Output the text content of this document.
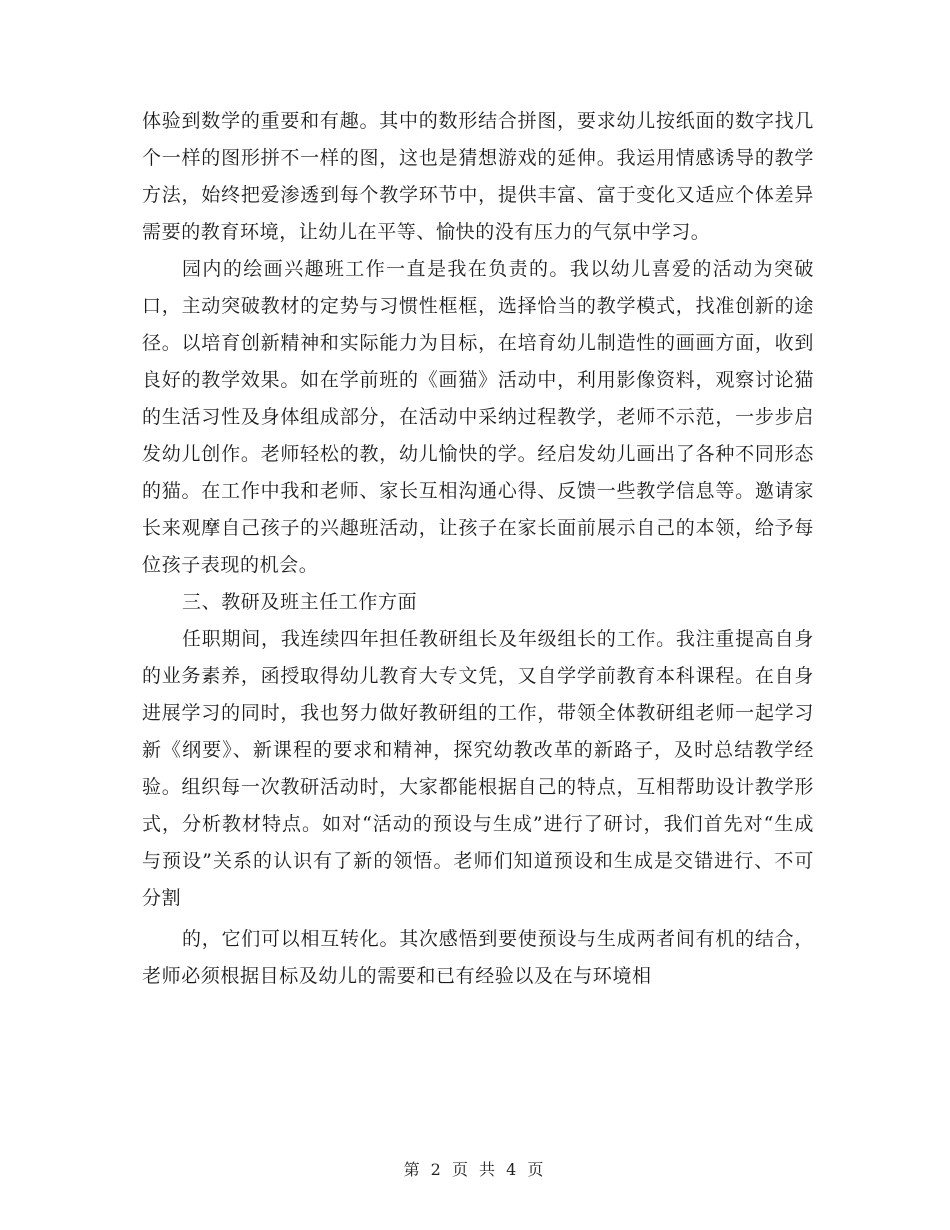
体验到数学的重要和有趣。其中的数形结合拼图，要求幼儿按纸面的数字找几个一样的图形拼不一样的图，这也是猜想游戏的延伸。我运用情感诱导的教学方法，始终把爱渗透到每个教学环节中，提供丰富、富于变化又适应个体差异需要的教育环境，让幼儿在平等、愉快的没有压力的气氛中学习。

园内的绘画兴趣班工作一直是我在负责的。我以幼儿喜爱的活动为突破口，主动突破教材的定势与习惯性框框，选择恰当的教学模式，找准创新的途径。以培育创新精神和实际能力为目标，在培育幼儿制造性的画画方面，收到良好的教学效果。如在学前班的《画猫》活动中，利用影像资料，观察讨论猫的生活习性及身体组成部分，在活动中采纳过程教学，老师不示范，一步步启发幼儿创作。老师轻松的教，幼儿愉快的学。经启发幼儿画出了各种不同形态的猫。在工作中我和老师、家长互相沟通心得、反馈一些教学信息等。邀请家长来观摩自己孩子的兴趣班活动，让孩子在家长面前展示自己的本领，给予每位孩子表现的机会。

三、教研及班主任工作方面

任职期间，我连续四年担任教研组长及年级组长的工作。我注重提高自身的业务素养，函授取得幼儿教育大专文凭，又自学学前教育本科课程。在自身进展学习的同时，我也努力做好教研组的工作，带领全体教研组老师一起学习新《纲要》、新课程的要求和精神，探究幼教改革的新路子，及时总结教学经验。组织每一次教研活动时，大家都能根据自己的特点，互相帮助设计教学形式，分析教材特点。如对“活动的预设与生成”进行了研讨，我们首先对“生成与预设”关系的认识有了新的领悟。老师们知道预设和生成是交错进行、不可分割

的，它们可以相互转化。其次感悟到要使预设与生成两者间有机的结合，老师必须根据目标及幼儿的需要和已有经验以及在与环境相

第 2 页 共 4 页
